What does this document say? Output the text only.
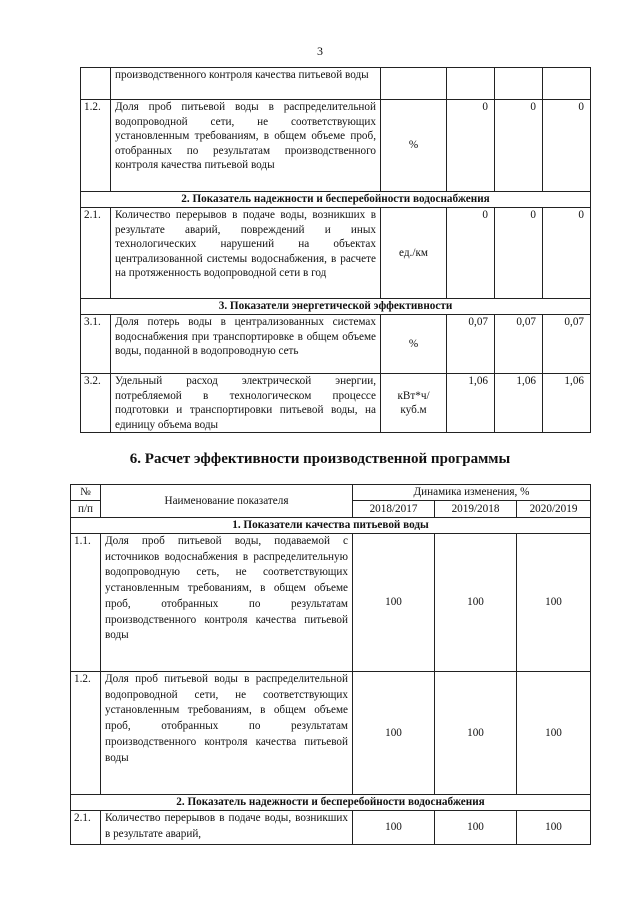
3
	производственного контроля качества питьевой воды				
1.2.	Доля проб питьевой воды в распределительной водопроводной сети, не соответствующих установленным требованиям, в общем объеме проб, отобранных по результатам производственного контроля качества питьевой воды	%	0	0	0
2. Показатель надежности и бесперебойности водоснабжения					
2.1.	Количество перерывов в подаче воды, возникших в результате аварий, повреждений и иных технологических нарушений на объектах централизованной системы водоснабжения, в расчете на протяженность водопроводной сети в год	ед./км	0	0	0
3. Показатели энергетической эффективности					
3.1.	Доля потерь воды в централизованных системах водоснабжения при транспортировке в общем объеме воды, поданной в водопроводную сеть	%	0,07	0,07	0,07
3.2.	Удельный расход электрической энергии, потребляемой в технологическом процессе подготовки и транспортировки питьевой воды, на единицу объема воды	кВт*ч/ куб.м	1,06	1,06	1,06
6. Расчет эффективности производственной программы
№	Наименование показателя	Динамика изменения, %		
п/п		2018/2017	2019/2018	2020/2019
1. Показатели качества питьевой воды				
1.1.	Доля проб питьевой воды, подаваемой с источников водоснабжения в распределительную водопроводную сеть, не соответствующих установленным требованиям, в общем объеме проб, отобранных по результатам производственного контроля качества питьевой воды	100	100	100
1.2.	Доля проб питьевой воды в распределительной водопроводной сети, не соответствующих установленным требованиям, в общем объеме проб, отобранных по результатам производственного контроля качества питьевой воды	100	100	100
2. Показатель надежности и бесперебойности водоснабжения				
2.1.	Количество перерывов в подаче воды, возникших в результате аварий,	100	100	100
